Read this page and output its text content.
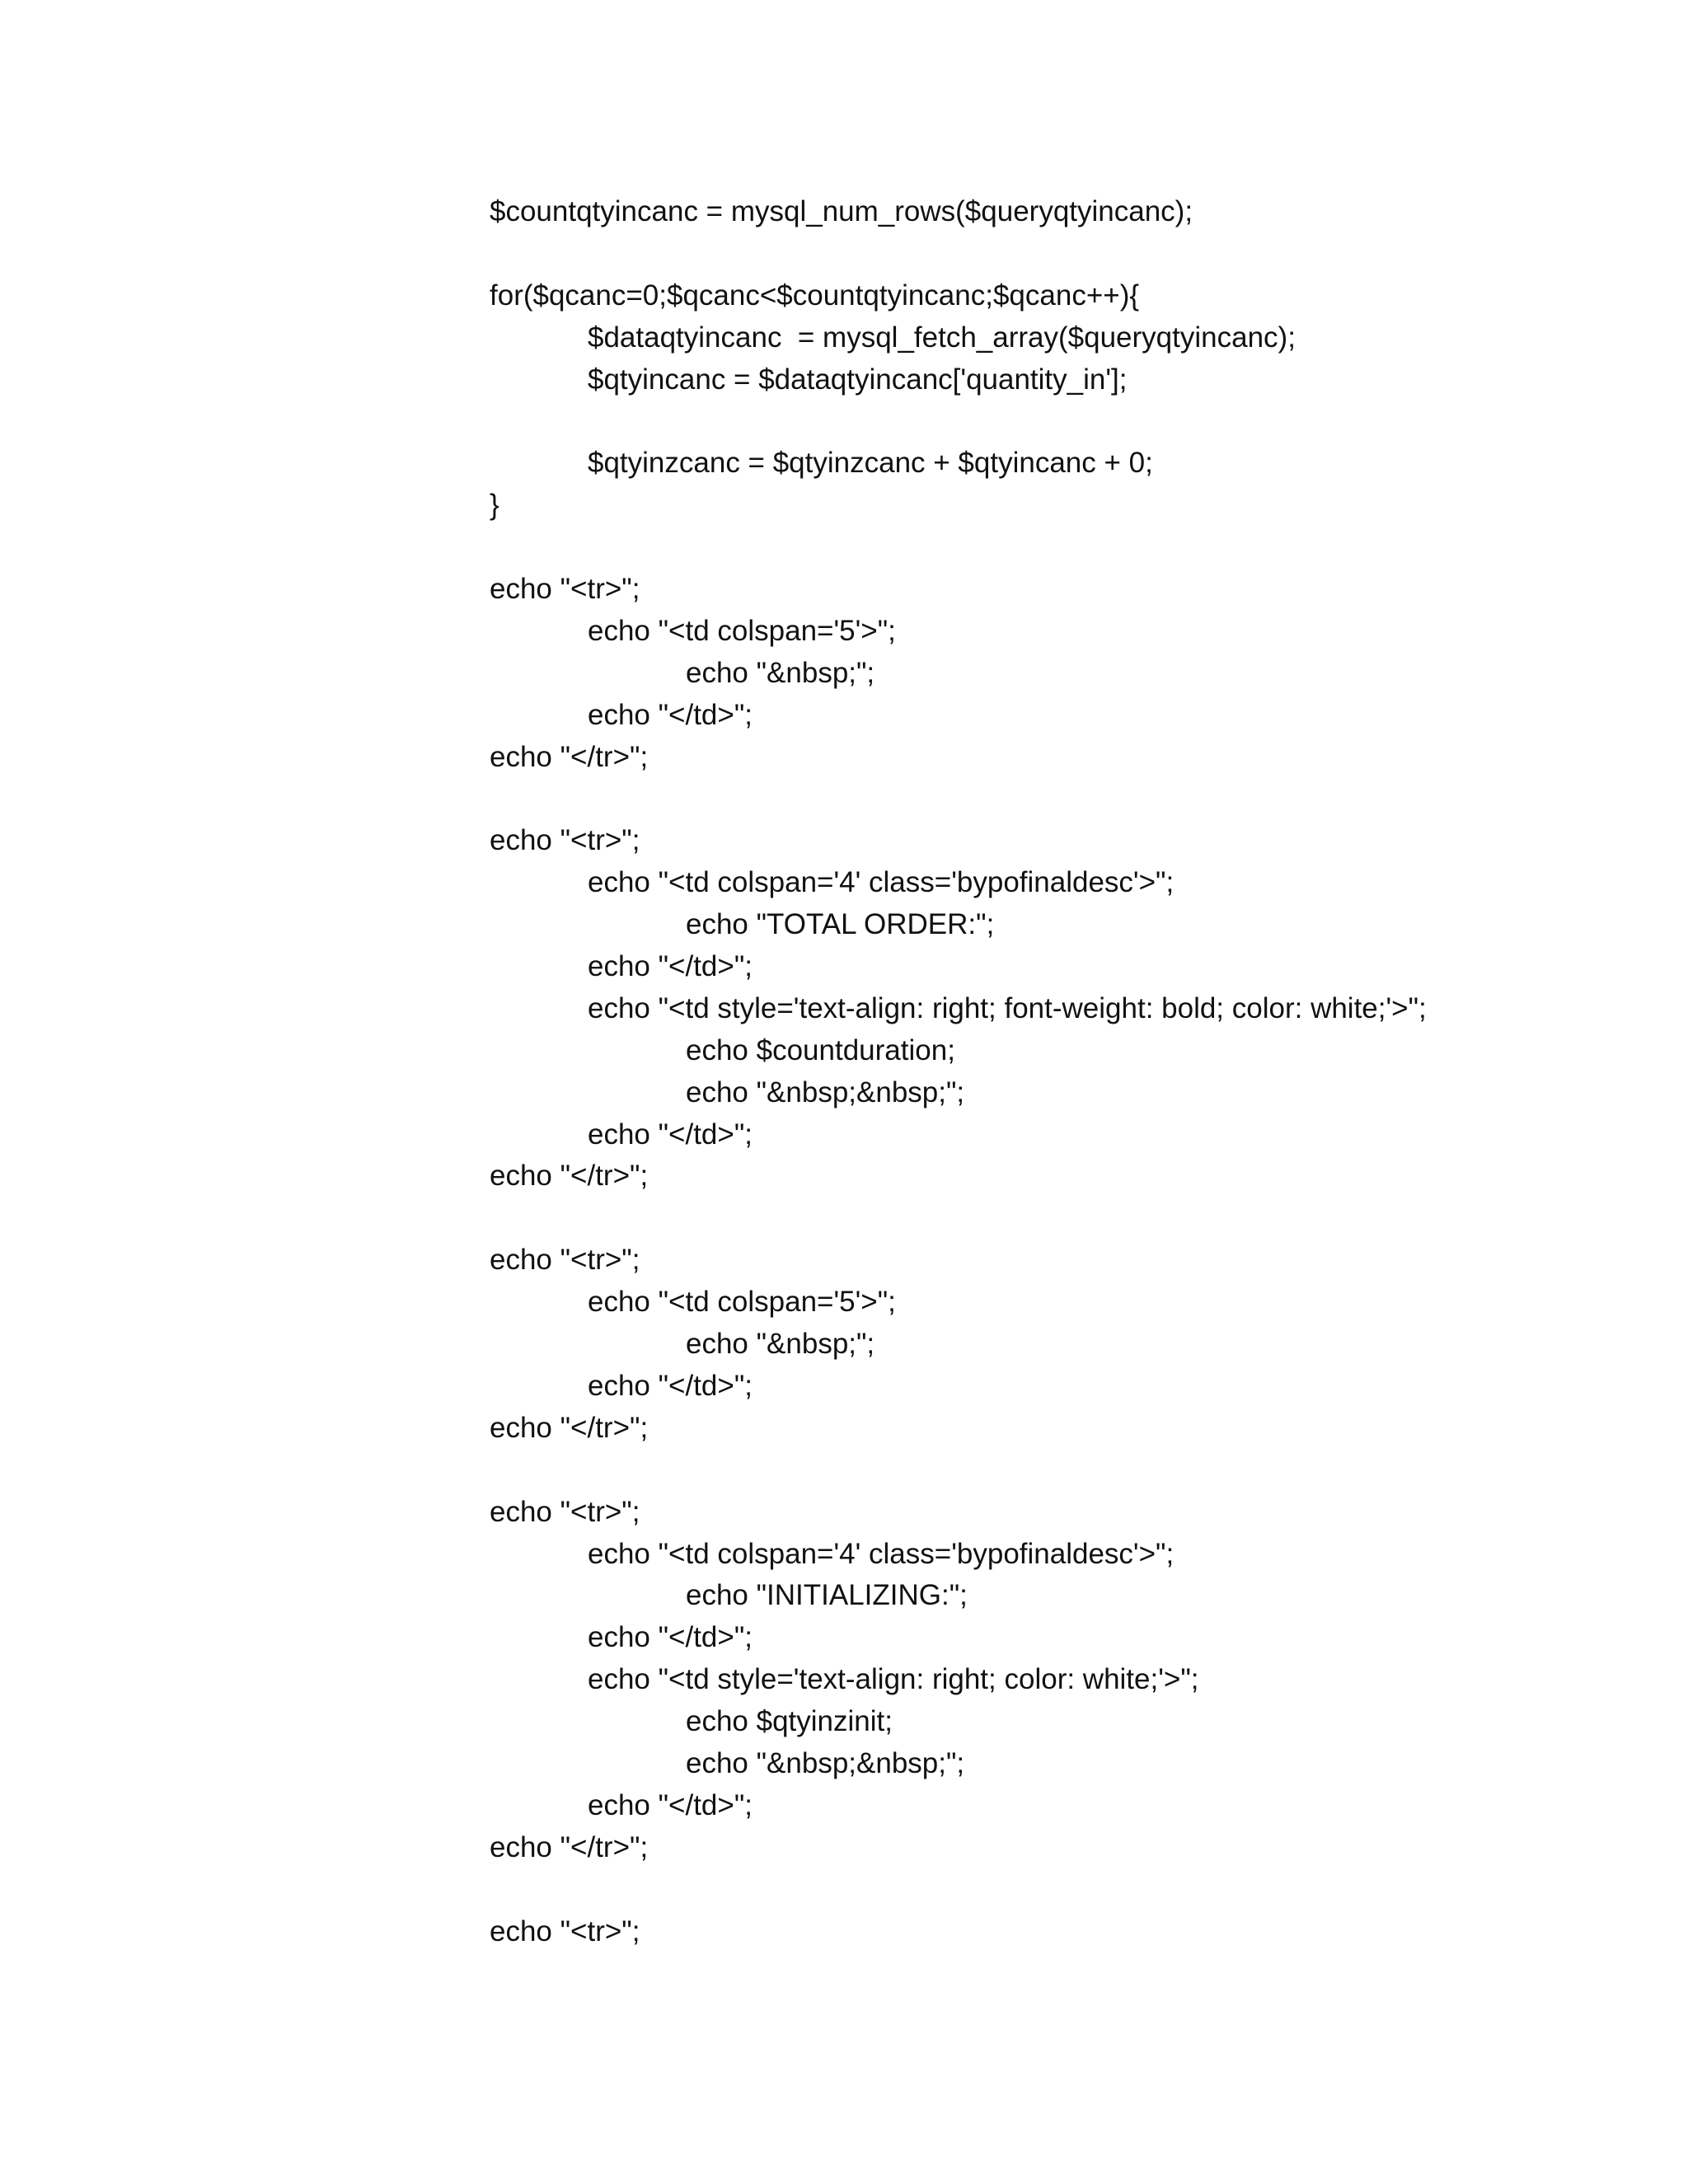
$countqtyincanc = mysql_num_rows($queryqtyincanc);
for($qcanc=0;$qcanc<$countqtyincanc;$qcanc++){
$dataqtyincanc  = mysql_fetch_array($queryqtyincanc);
$qtyincanc = $dataqtyincanc['quantity_in'];
$qtyinzcanc = $qtyinzcanc + $qtyincanc + 0;
}
echo "<tr>";
echo "<td colspan='5'>";
echo "&nbsp;";
echo "</td>";
echo "</tr>";
echo "<tr>";
echo "<td colspan='4' class='bypofinaldesc'>";
echo "TOTAL ORDER:";
echo "</td>";
echo "<td style='text-align: right; font-weight: bold; color: white;'>";
echo $countduration;
echo "&nbsp;&nbsp;";
echo "</td>";
echo "</tr>";
echo "<tr>";
echo "<td colspan='5'>";
echo "&nbsp;";
echo "</td>";
echo "</tr>";
echo "<tr>";
echo "<td colspan='4' class='bypofinaldesc'>";
echo "INITIALIZING:";
echo "</td>";
echo "<td style='text-align: right; color: white;'>";
echo $qtyinzinit;
echo "&nbsp;&nbsp;";
echo "</td>";
echo "</tr>";
echo "<tr>";
